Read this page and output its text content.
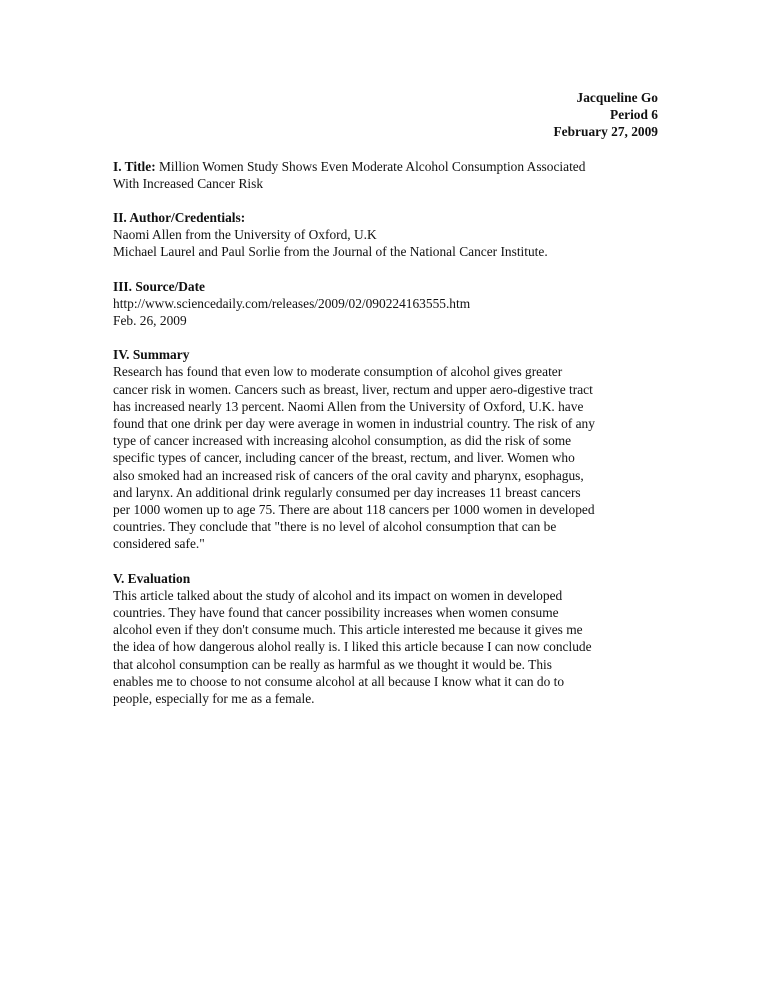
Jacqueline Go
Period 6
February 27, 2009
I. Title: Million Women Study Shows Even Moderate Alcohol Consumption Associated
With Increased Cancer Risk
II. Author/Credentials:
Naomi Allen from the University of Oxford, U.K
Michael Laurel and Paul Sorlie from the Journal of the National Cancer Institute.
III. Source/Date
http://www.sciencedaily.com/releases/2009/02/090224163555.htm
Feb. 26, 2009
IV. Summary
Research has found that even low to moderate consumption of alcohol gives greater
cancer risk in women. Cancers such as breast, liver, rectum and upper aero-digestive tract
has increased nearly 13 percent. Naomi Allen from the University of Oxford, U.K. have
found that one drink per day were average in women in industrial country. The risk of any
type of cancer increased with increasing alcohol consumption, as did the risk of some
specific types of cancer, including cancer of the breast, rectum, and liver. Women who
also smoked had an increased risk of cancers of the oral cavity and pharynx, esophagus,
and larynx. An additional drink regularly consumed per day increases 11 breast cancers
per 1000 women up to age 75. There are about 118 cancers per 1000 women in developed
countries. They conclude that "there is no level of alcohol consumption that can be
considered safe."
V. Evaluation
This article talked about the study of alcohol and its impact on women in developed
countries. They have found that cancer possibility increases when women consume
alcohol even if they don't consume much. This article interested me because it gives me
the idea of how dangerous alohol really is. I liked this article because I can now conclude
that alcohol consumption can be really as harmful as we thought it would be. This
enables me to choose to not consume alcohol at all because I know what it can do to
people, especially for me as a female.
